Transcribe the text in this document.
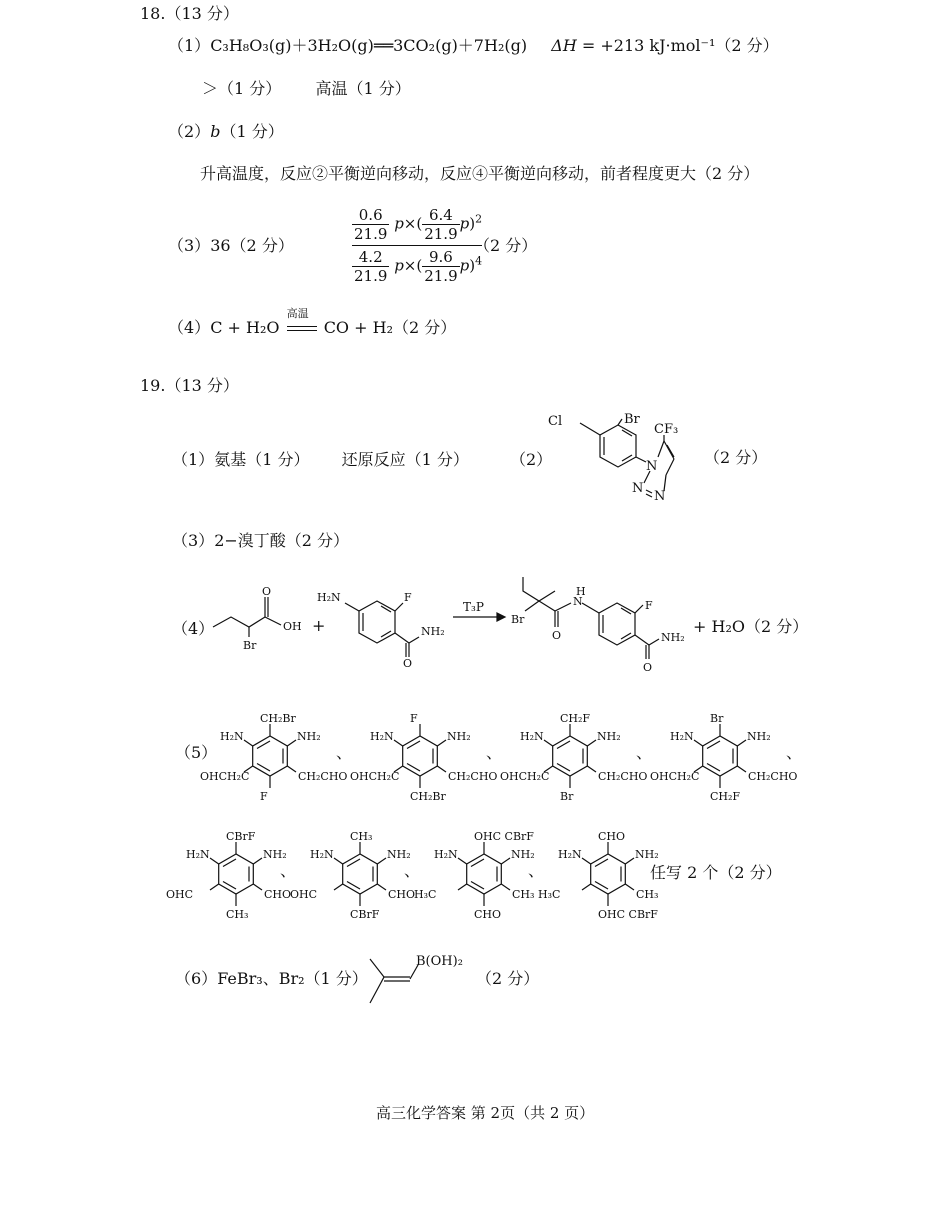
18.（13 分）
（1）C₃H₈O₃(g)＋3H₂O(g)══3CO₂(g)＋7H₂(g) ΔH = +213 kJ·mol⁻¹（2 分）
＞（1 分） 高温（1 分）
（2）b（1 分）
升高温度，反应②平衡逆向移动，反应④平衡逆向移动，前者程度更大（2 分）
（3）36（2 分）	$\frac{\frac{0.6}{21.9} p\times( \frac{6.4}{21.9} p)^2}{\frac{4.2}{21.9} p\times( \frac{9.6}{21.9} p)^4}$
（2 分）
（4）C + H₂O
高温
CO + H₂（2 分）
19.（13 分）
（1）氨基（1 分） 还原反应（1 分）	（2）
Cl	Br
N
N
N
CF₃
（2 分）
（3）2−溴丁酸（2 分）
（4）
O
OH
Br
+
H₂N	F
O
NH₂
T₃P
Br
O
N
H
F
O
NH₂
+ H₂O（2 分）
（5）
CH₂Br
F
H₂N	NH₂
OHCH₂C	CH₂CHO
、
F
CH₂Br
H₂N	NH₂
OHCH₂C	CH₂CHO
、
CH₂F
Br
H₂N	NH₂
OHCH₂C	CH₂CHO
、
Br
CH₂F
H₂N	NH₂
OHCH₂C	CH₂CHO
、
CBrF
CH₃
H₂N	NH₂
OHC	CHO
、
CH₃
CBrF
H₂N	NH₂
OHC	CHO
、
OHC CBrF
CHO
H₂N	NH₂
H₃C	CH₃
、
CHO
OHC CBrF
H₂N	NH₂
H₃C	CH₃
任写 2 个（2 分）
（6）FeBr₃、Br₂（1 分）
B(OH)₂
（2 分）
高三化学答案 第 2页（共 2 页）
